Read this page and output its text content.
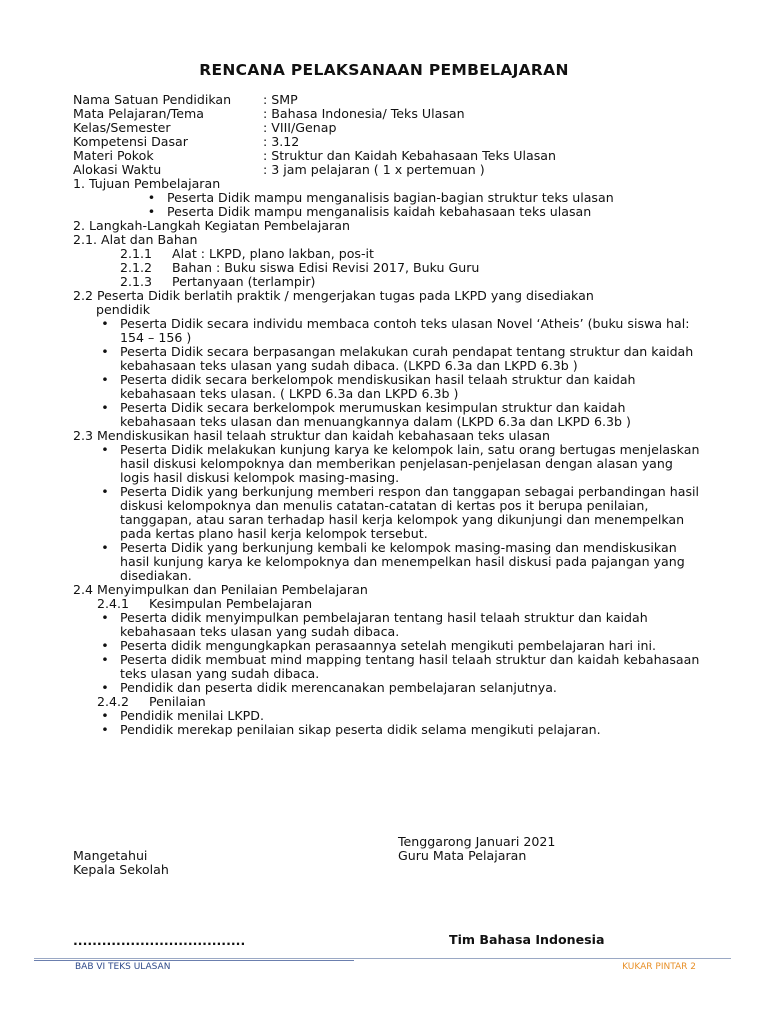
RENCANA PELAKSANAAN PEMBELAJARAN
Nama Satuan Pendidikan	: SMP
Mata Pelajaran/Tema	: Bahasa Indonesia/ Teks Ulasan
Kelas/Semester	: VIII/Genap
Kompetensi Dasar	: 3.12
Materi Pokok	: Struktur dan Kaidah Kebahasaan Teks Ulasan
Alokasi Waktu	: 3 jam pelajaran ( 1 x pertemuan )
1. Tujuan Pembelajaran
• Peserta Didik mampu menganalisis bagian-bagian struktur teks ulasan
• Peserta Didik mampu menganalisis kaidah kebahasaan teks ulasan
2. Langkah-Langkah Kegiatan Pembelajaran
2.1. Alat dan Bahan
2.1.1	Alat : LKPD, plano lakban, pos-it
2.1.2	Bahan : Buku siswa Edisi Revisi 2017, Buku Guru
2.1.3	Pertanyaan (terlampir)
2.2 Peserta Didik berlatih praktik / mengerjakan tugas pada LKPD yang disediakan
pendidik
• Peserta Didik secara individu membaca contoh teks ulasan Novel ‘Atheis’ (buku siswa hal: 154 – 156 )
• Peserta Didik secara berpasangan melakukan curah pendapat tentang struktur dan kaidah kebahasaan teks ulasan yang sudah dibaca. (LKPD 6.3a dan LKPD 6.3b )
• Peserta didik secara berkelompok mendiskusikan hasil telaah struktur dan kaidah kebahasaan teks ulasan. ( LKPD 6.3a dan LKPD 6.3b )
• Peserta Didik secara berkelompok merumuskan kesimpulan struktur dan kaidah kebahasaan teks ulasan dan menuangkannya dalam (LKPD 6.3a dan LKPD 6.3b )
2.3 Mendiskusikan hasil telaah struktur dan kaidah kebahasaan teks ulasan
• Peserta Didik melakukan kunjung karya ke kelompok lain, satu orang bertugas menjelaskan hasil diskusi kelompoknya dan memberikan penjelasan-penjelasan dengan alasan yang logis hasil diskusi kelompok masing-masing.
• Peserta Didik yang berkunjung memberi respon dan tanggapan sebagai perbandingan hasil diskusi kelompoknya dan menulis catatan-catatan di kertas pos it berupa penilaian, tanggapan, atau saran terhadap hasil kerja kelompok yang dikunjungi dan menempelkan pada kertas plano hasil kerja kelompok tersebut.
• Peserta Didik yang berkunjung kembali ke kelompok masing-masing dan mendiskusikan hasil kunjung karya ke kelompoknya dan menempelkan hasil diskusi pada pajangan yang disediakan.
2.4 Menyimpulkan dan Penilaian Pembelajaran
2.4.1	Kesimpulan Pembelajaran
• Peserta didik menyimpulkan pembelajaran tentang hasil telaah struktur dan kaidah kebahasaan teks ulasan yang sudah dibaca.
• Peserta didik mengungkapkan perasaannya setelah mengikuti pembelajaran hari ini.
• Peserta didik membuat mind mapping tentang hasil telaah struktur dan kaidah kebahasaan teks ulasan yang sudah dibaca.
• Pendidik dan peserta didik merencanakan pembelajaran selanjutnya.
2.4.2	Penilaian
• Pendidik menilai LKPD.
• Pendidik merekap penilaian sikap peserta didik selama mengikuti pelajaran.
Tenggarong Januari 2021
Mangetahui	Guru Mata Pelajaran
Kepala Sekolah
....................................	Tim Bahasa Indonesia
BAB VI TEKS ULASAN	KUKAR PINTAR 2
